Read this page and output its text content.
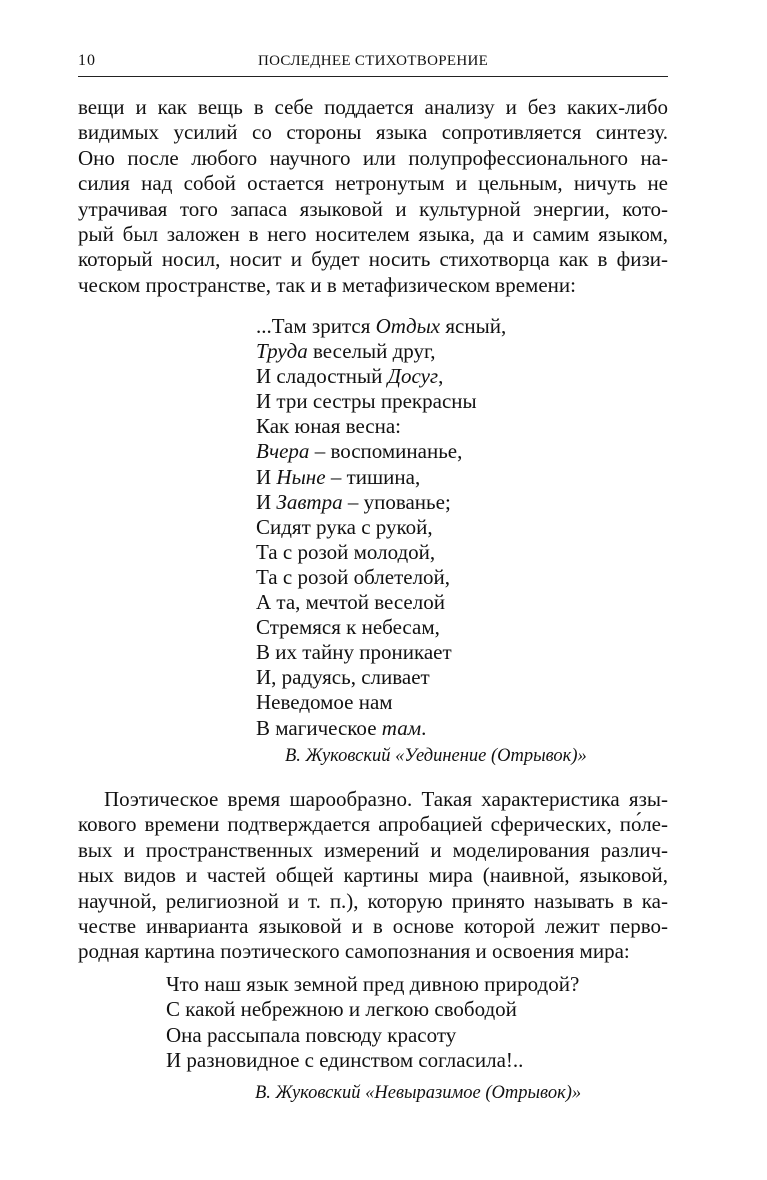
10	ПОСЛЕДНЕЕ СТИХОТВОРЕНИЕ
вещи и как вещь в себе поддается анализу и без каких-либо
видимых усилий со стороны языка сопротивляется синтезу.
Оно после любого научного или полупрофессионального на-
силия над собой остается нетронутым и цельным, ничуть не
утрачивая того запаса языковой и культурной энергии, кото-
рый был заложен в него носителем языка, да и самим языком,
который носил, носит и будет носить стихотворца как в физи-
ческом пространстве, так и в метафизическом времени:
...Там зрится Отдых ясный,
Труда веселый друг,
И сладостный Досуг,
И три сестры прекрасны
Как юная весна:
Вчера – воспоминанье,
И Ныне – тишина,
И Завтра – упованье;
Сидят рука с рукой,
Та с розой молодой,
Та с розой облетелой,
А та, мечтой веселой
Стремяся к небесам,
В их тайну проникает
И, радуясь, сливает
Неведомое нам
В магическое там.
В. Жуковский «Уединение (Отрывок)»
Поэтическое время шарообразно. Такая характеристика язы-
кового времени подтверждается апробацией сферических, по́ле-
вых и пространственных измерений и моделирования различ-
ных видов и частей общей картины мира (наивной, языковой,
научной, религиозной и т. п.), которую принято называть в ка-
честве инварианта языковой и в основе которой лежит перво-
родная картина поэтического самопознания и освоения мира:
Что наш язык земной пред дивною природой?
С какой небрежною и легкою свободой
Она рассыпала повсюду красоту
И разновидное с единством согласила!..
В. Жуковский «Невыразимое (Отрывок)»
